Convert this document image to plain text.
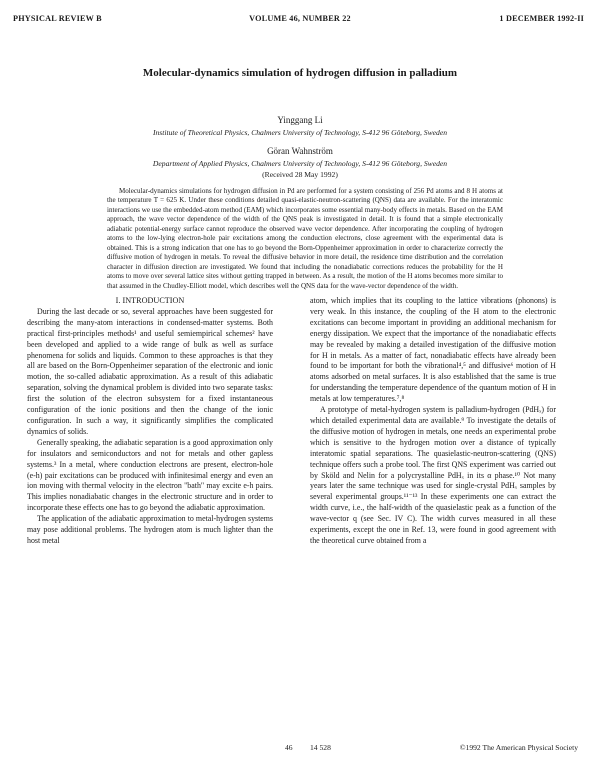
PHYSICAL REVIEW B	VOLUME 46, NUMBER 22	1 DECEMBER 1992-II
Molecular-dynamics simulation of hydrogen diffusion in palladium
Yinggang Li
Institute of Theoretical Physics, Chalmers University of Technology, S-412 96 Göteborg, Sweden
Göran Wahnström
Department of Applied Physics, Chalmers University of Technology, S-412 96 Göteborg, Sweden
(Received 28 May 1992)

Molecular-dynamics simulations for hydrogen diffusion in Pd are performed for a system consisting of 256 Pd atoms and 8 H atoms at the temperature T = 625 K. Under these conditions detailed quasi-elastic-neutron-scattering (QNS) data are available. For the interatomic interactions we use the embedded-atom method (EAM) which incorporates some essential many-body effects in metals. Based on the EAM approach, the wave vector dependence of the width of the QNS peak is investigated in detail. It is found that a simple electronically adiabatic potential-energy surface cannot reproduce the observed wave vector dependence. After incorporating the coupling of hydrogen atoms to the low-lying electron-hole pair excitations among the conduction electrons, close agreement with the experimental data is obtained. This is a strong indication that one has to go beyond the Born-Oppenheimer approximation in order to characterize correctly the diffusive motion of hydrogen in metals. To reveal the diffusive behavior in more detail, the residence time distribution and the correlation character in diffusion direction are investigated. We found that including the nonadiabatic corrections reduces the probability for the H atoms to move over several lattice sites without getting trapped in between. As a result, the motion of the H atoms becomes more similar to that assumed in the Chudley-Elliott model, which describes well the QNS data for the wave-vector dependence of the width.

I. INTRODUCTION

During the last decade or so, several approaches have been suggested for describing the many-atom interactions in condensed-matter systems. Both practical first-principles methods¹ and useful semiempirical schemes² have been developed and applied to a wide range of bulk as well as surface phenomena for solids and liquids. Common to these approaches is that they all are based on the Born-Oppenheimer separation of the electronic and ionic motion, the so-called adiabatic approximation. As a result of this adiabatic separation, solving the dynamical problem is divided into two separate tasks: first the solution of the electron subsystem for a fixed instantaneous configuration of the ionic positions and then the change of the ionic configuration. In such a way, it significantly simplifies the complicated dynamics of solids.

Generally speaking, the adiabatic separation is a good approximation only for insulators and semiconductors and not for metals and other gapless systems.³ In a metal, where conduction electrons are present, electron-hole (e-h) pair excitations can be produced with infinitesimal energy and even an ion moving with thermal velocity in the electron "bath" may excite e-h pairs. This implies nonadiabatic changes in the electronic structure and in order to incorporate these effects one has to go beyond the adiabatic approximation.

The application of the adiabatic approximation to metal-hydrogen systems may pose additional problems. The hydrogen atom is much lighter than the host metal

atom, which implies that its coupling to the lattice vibrations (phonons) is very weak. In this instance, the coupling of the H atom to the electronic excitations can become important in providing an additional mechanism for energy dissipation. We expect that the importance of the nonadiabatic effects may be revealed by making a detailed investigation of the diffusive motion for H in metals. As a matter of fact, nonadiabatic effects have already been found to be important for both the vibrational⁴,⁵ and diffusive⁶ motion of H atoms adsorbed on metal surfaces. It is also established that the same is true for understanding the temperature dependence of the quantum motion of H in metals at low temperatures.⁷,⁸

A prototype of metal-hydrogen system is palladium-hydrogen (PdHₓ) for which detailed experimental data are available.⁹ To investigate the details of the diffusive motion of hydrogen in metals, one needs an experimental probe which is sensitive to the hydrogen motion over a distance of typically interatomic spatial separations. The quasielastic-neutron-scattering (QNS) technique offers such a probe tool. The first QNS experiment was carried out by Sköld and Nelin for a polycrystalline PdHₓ in its α phase.¹⁰ Not many years later the same technique was used for single-crystal PdHₓ samples by several experimental groups.¹¹⁻¹³ In these experiments one can extract the width curve, i.e., the half-width of the quasielastic peak as a function of the wave-vector q (see Sec. IV C). The width curves measured in all these experiments, except the one in Ref. 13, were found in good agreement with the theoretical curve obtained from a

46 14 528	©1992 The American Physical Society
